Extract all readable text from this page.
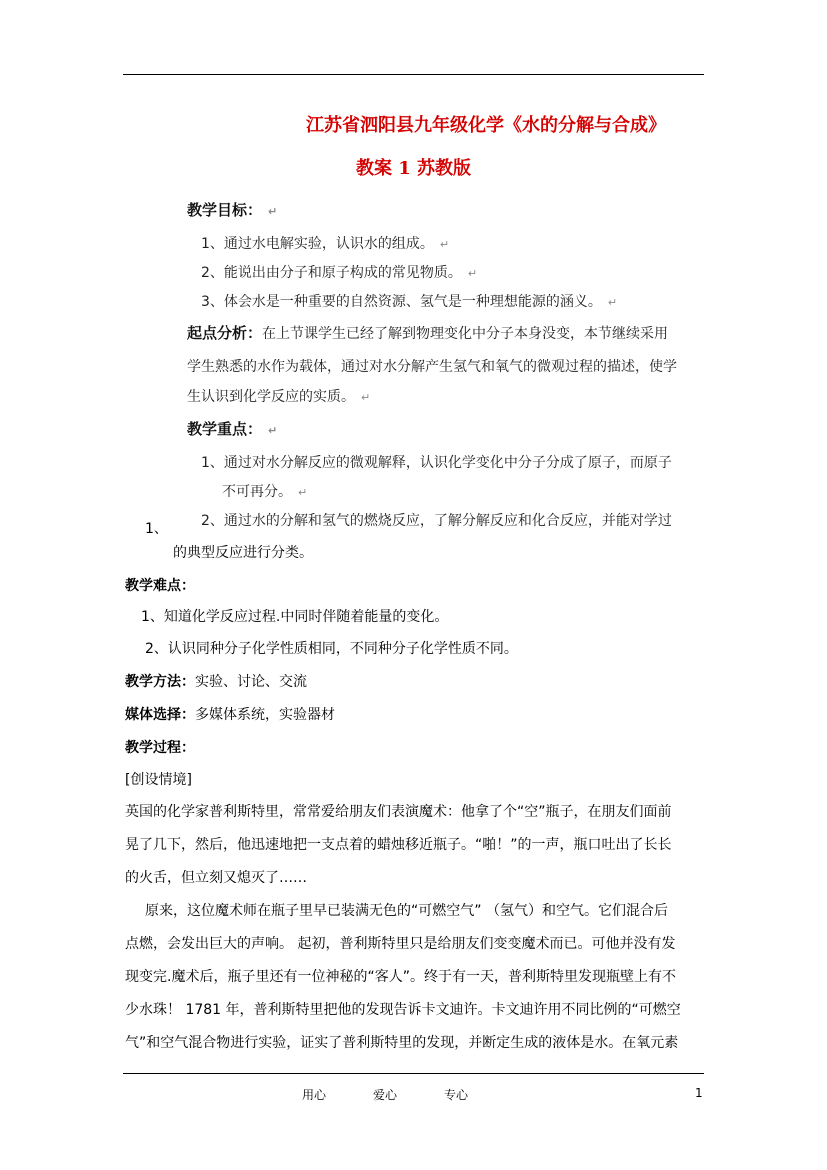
江苏省泗阳县九年级化学《水的分解与合成》
教案 1 苏教版
教学目标： ↵
1、通过水电解实验，认识水的组成。 ↵
2、能说出由分子和原子构成的常见物质。 ↵
3、体会水是一种重要的自然资源、氢气是一种理想能源的涵义。 ↵
起点分析：在上节课学生已经了解到物理变化中分子本身没变，本节继续采用
学生熟悉的水作为载体，通过对水分解产生氢气和氧气的微观过程的描述，使学
生认识到化学反应的实质。 ↵
教学重点： ↵
1、通过对水分解反应的微观解释，认识化学变化中分子分成了原子，而原子
不可再分。 ↵
2、通过水的分解和氢气的燃烧反应，了解分解反应和化合反应，并能对学过
1、
的典型反应进行分类。
教学难点：
1、知道化学反应过程.中同时伴随着能量的变化。
2、认识同种分子化学性质相同，不同种分子化学性质不同。
教学方法：实验、讨论、交流
媒体选择：多媒体系统，实验器材
教学过程：
[创设情境]
英国的化学家普利斯特里，常常爱给朋友们表演魔术：他拿了个“空”瓶子，在朋友们面前
晃了几下，然后，他迅速地把一支点着的蜡烛移近瓶子。“啪！”的一声，瓶口吐出了长长
的火舌，但立刻又熄灭了……
原来，这位魔术师在瓶子里早已装满无色的“可燃空气” （氢气）和空气。它们混合后
点燃，会发出巨大的声响。 起初，普利斯特里只是给朋友们变变魔术而已。可他并没有发
现变完.魔术后，瓶子里还有一位神秘的“客人”。终于有一天，普利斯特里发现瓶壁上有不
少水珠！ 1781 年，普利斯特里把他的发现告诉卡文迪许。卡文迪许用不同比例的“可燃空
气”和空气混合物进行实验，证实了普利斯特里的发现，并断定生成的液体是水。在氧元素
用心	爱心	专心	1
